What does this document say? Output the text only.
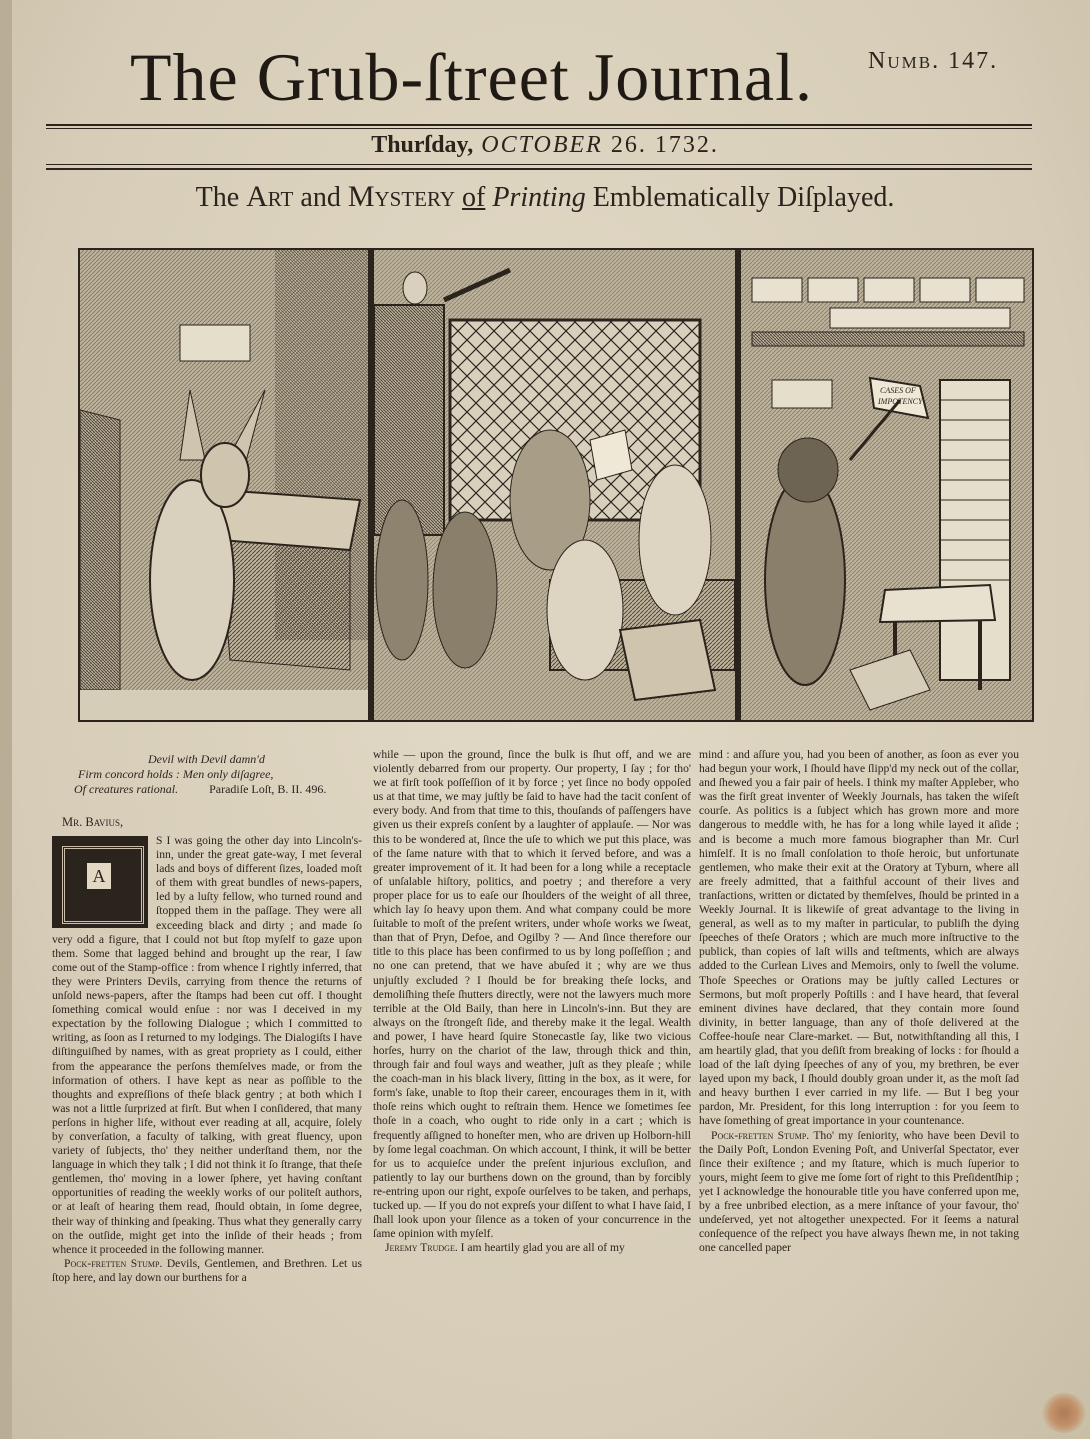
The Grub-ſtreet Journal.	Numb. 147.
Thurſday, OCTOBER 26. 1732.
The Art and Mystery of Printing Emblematically Diſplayed.
CASES OF
IMPOTENCY
Devil with Devil damn'd
Firm concord holds : Men only diſagree,
Of creatures rational.	Paradiſe Loſt, B. II. 496.
Mr. Bavius,
A

S I was going the other day into Lincoln's-inn, under the great gate-way, I met ſeveral lads and boys of different ſizes, loaded moſt of them with great bundles of news-papers, led by a luſty fellow, who turned round and ſtopped them in the paſſage. They were all exceeding black and dirty ; and made ſo very odd a figure, that I could not but ſtop myſelf to gaze upon them. Some that lagged behind and brought up the rear, I ſaw come out of the Stamp-office : from whence I rightly inferred, that they were Printers Devils, carrying from thence the returns of unſold news-papers, after the ſtamps had been cut off. I thought ſomething comical would enſue : nor was I deceived in my expectation by the following Dialogue ; which I committed to writing, as ſoon as I returned to my lodgings. The Dialogiſts I have diſtinguiſhed by names, with as great propriety as I could, either from the appearance the perſons themſelves made, or from the information of others. I have kept as near as poſſible to the thoughts and expreſſions of theſe black gentry ; at both which I was not a little ſurprized at firſt. But when I conſidered, that many perſons in higher life, without ever reading at all, acquire, ſolely by converſation, a faculty of talking, with great fluency, upon variety of ſubjects, tho' they neither underſtand them, nor the language in which they talk ; I did not think it ſo ſtrange, that theſe gentlemen, tho' moving in a lower ſphere, yet having conſtant opportunities of reading the weekly works of our politeſt authors, or at leaſt of hearing them read, ſhould obtain, in ſome degree, their way of thinking and ſpeaking. Thus what they generally carry on the outſide, might get into the inſide of their heads ; from whence it proceeded in the following manner.

Pock-fretten Stump. Devils, Gentlemen, and Brethren. Let us ſtop here, and lay down our burthens for a

while — upon the ground, ſince the bulk is ſhut off, and we are violently debarred from our property. Our property, I ſay ; for tho' we at firſt took poſſeſſion of it by force ; yet ſince no body oppoſed us at that time, we may juſtly be ſaid to have had the tacit conſent of every body. And from that time to this, thouſands of paſſengers have given us their expreſs conſent by a laughter of applauſe. — Nor was this to be wondered at, ſince the uſe to which we put this place, was of the ſame nature with that to which it ſerved before, and was a greater improvement of it. It had been for a long while a receptacle of unſalable hiſtory, politics, and poetry ; and therefore a very proper place for us to eaſe our ſhoulders of the weight of all three, which lay ſo heavy upon them. And what company could be more ſuitable to moſt of the preſent writers, under whoſe works we ſweat, than that of Pryn, Defoe, and Ogilby ? — And ſince therefore our title to this place has been confirmed to us by long poſſeſſion ; and no one can pretend, that we have abuſed it ; why are we thus unjuſtly excluded ? I ſhould be for breaking theſe locks, and demoliſhing theſe ſhutters directly, were not the lawyers much more terrible at the Old Baily, than here in Lincoln's-inn. But they are always on the ſtrongeſt ſide, and thereby make it the legal. Wealth and power, I have heard ſquire Stonecastle ſay, like two vicious horſes, hurry on the chariot of the law, through thick and thin, through fair and foul ways and weather, juſt as they pleaſe ; while the coach-man in his black livery, ſitting in the box, as it were, for form's ſake, unable to ſtop their career, encourages them in it, with thoſe reins which ought to reſtrain them. Hence we ſometimes ſee thoſe in a coach, who ought to ride only in a cart ; which is frequently aſſigned to honeſter men, who are driven up Holborn-hill by ſome legal coachman. On which account, I think, it will be better for us to acquieſce under the preſent injurious excluſion, and patiently to lay our burthens down on the ground, than by forcibly re-entring upon our right, expoſe ourſelves to be taken, and perhaps, tucked up. — If you do not expreſs your diſſent to what I have ſaid, I ſhall look upon your ſilence as a token of your concurrence in the ſame opinion with myſelf.

Jeremy Trudge. I am heartily glad you are all of my

mind : and aſſure you, had you been of another, as ſoon as ever you had begun your work, I ſhould have ſlipp'd my neck out of the collar, and ſhewed you a fair pair of heels. I think my maſter Appleber, who was the firſt great inventer of Weekly Journals, has taken the wiſeſt courſe. As politics is a ſubject which has grown more and more dangerous to meddle with, he has for a long while layed it aſide ; and is become a much more famous biographer than Mr. Curl himſelf. It is no ſmall conſolation to thoſe heroic, but unfortunate gentlemen, who make their exit at the Oratory at Tyburn, where all are freely admitted, that a faithful account of their lives and tranſactions, written or dictated by themſelves, ſhould be printed in a Weekly Journal. It is likewiſe of great advantage to the living in general, as well as to my maſter in particular, to publiſh the dying ſpeeches of theſe Orators ; which are much more inſtructive to the publick, than copies of laſt wills and teſtments, which are always added to the Curlean Lives and Memoirs, only to ſwell the volume. Thoſe Speeches or Orations may be juſtly called Lectures or Sermons, but moſt properly Poſtills : and I have heard, that ſeveral eminent divines have declared, that they contain more ſound divinity, in better language, than any of thoſe delivered at the Coffee-houſe near Clare-market. — But, notwithſtanding all this, I am heartily glad, that you deſiſt from breaking of locks : for ſhould a load of the laſt dying ſpeeches of any of you, my brethren, be ever layed upon my back, I ſhould doubly groan under it, as the moſt ſad and heavy burthen I ever carried in my life. — But I beg your pardon, Mr. President, for this long interruption : for you ſeem to have ſomething of great importance in your countenance.

Pock-fretten Stump. Tho' my ſeniority, who have been Devil to the Daily Poſt, London Evening Poſt, and Univerſal Spectator, ever ſince their exiſtence ; and my ſtature, which is much ſuperior to yours, might ſeem to give me ſome ſort of right to this Preſidentſhip ; yet I acknowledge the honourable title you have conferred upon me, by a free unbribed election, as a mere inſtance of your favour, tho' undeſerved, yet not altogether unexpected. For it ſeems a natural conſequence of the reſpect you have always ſhewn me, in not taking one cancelled paper
